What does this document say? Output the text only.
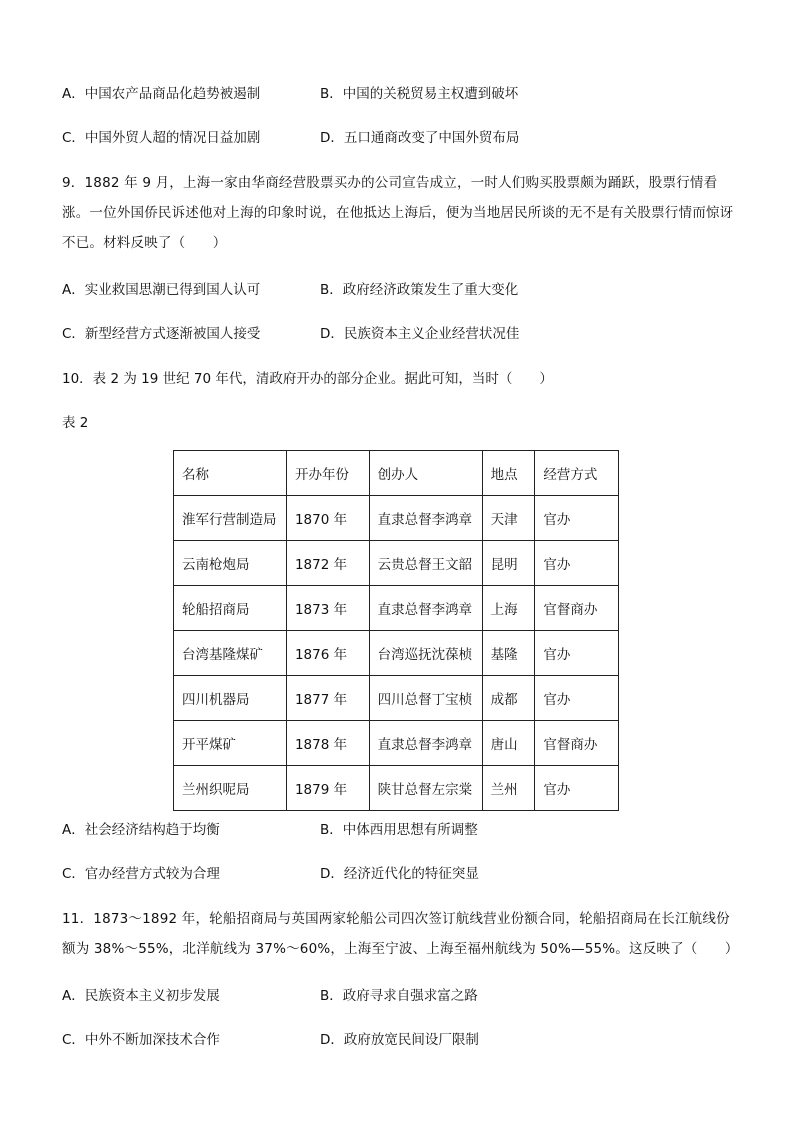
A．中国农产品商品化趋势被遏制	B．中国的关税贸易主权遭到破坏
C．中国外贸人超的情况日益加剧	D．五口通商改变了中国外贸布局
9．1882 年 9 月，上海一家由华商经营股票买办的公司宣告成立，一时人们购买股票颇为踊跃，股票行情看涨。一位外国侨民诉述他对上海的印象时说，在他抵达上海后，便为当地居民所谈的无不是有关股票行情而惊讶不已。材料反映了（　　）
A．实业救国思潮已得到国人认可	B．政府经济政策发生了重大变化
C．新型经营方式逐渐被国人接受	D．民族资本主义企业经营状况佳
10．表 2 为 19 世纪 70 年代，清政府开办的部分企业。据此可知，当时（　　）
表 2
名称	开办年份	创办人	地点	经营方式
淮军行营制造局	1870 年	直隶总督李鸿章	天津	官办
云南枪炮局	1872 年	云贵总督王文韶	昆明	官办
轮船招商局	1873 年	直隶总督李鸿章	上海	官督商办
台湾基隆煤矿	1876 年	台湾巡抚沈葆桢	基隆	官办
四川机器局	1877 年	四川总督丁宝桢	成都	官办
开平煤矿	1878 年	直隶总督李鸿章	唐山	官督商办
兰州织呢局	1879 年	陕甘总督左宗棠	兰州	官办
A．社会经济结构趋于均衡	B．中体西用思想有所调整
C．官办经营方式较为合理	D．经济近代化的特征突显
11．1873～1892 年，轮船招商局与英国两家轮船公司四次签订航线营业份额合同，轮船招商局在长江航线份额为 38%～55%，北洋航线为 37%～60%，上海至宁波、上海至福州航线为 50%—55%。这反映了（　　）
A．民族资本主义初步发展	B．政府寻求自强求富之路
C．中外不断加深技术合作	D．政府放宽民间设厂限制
